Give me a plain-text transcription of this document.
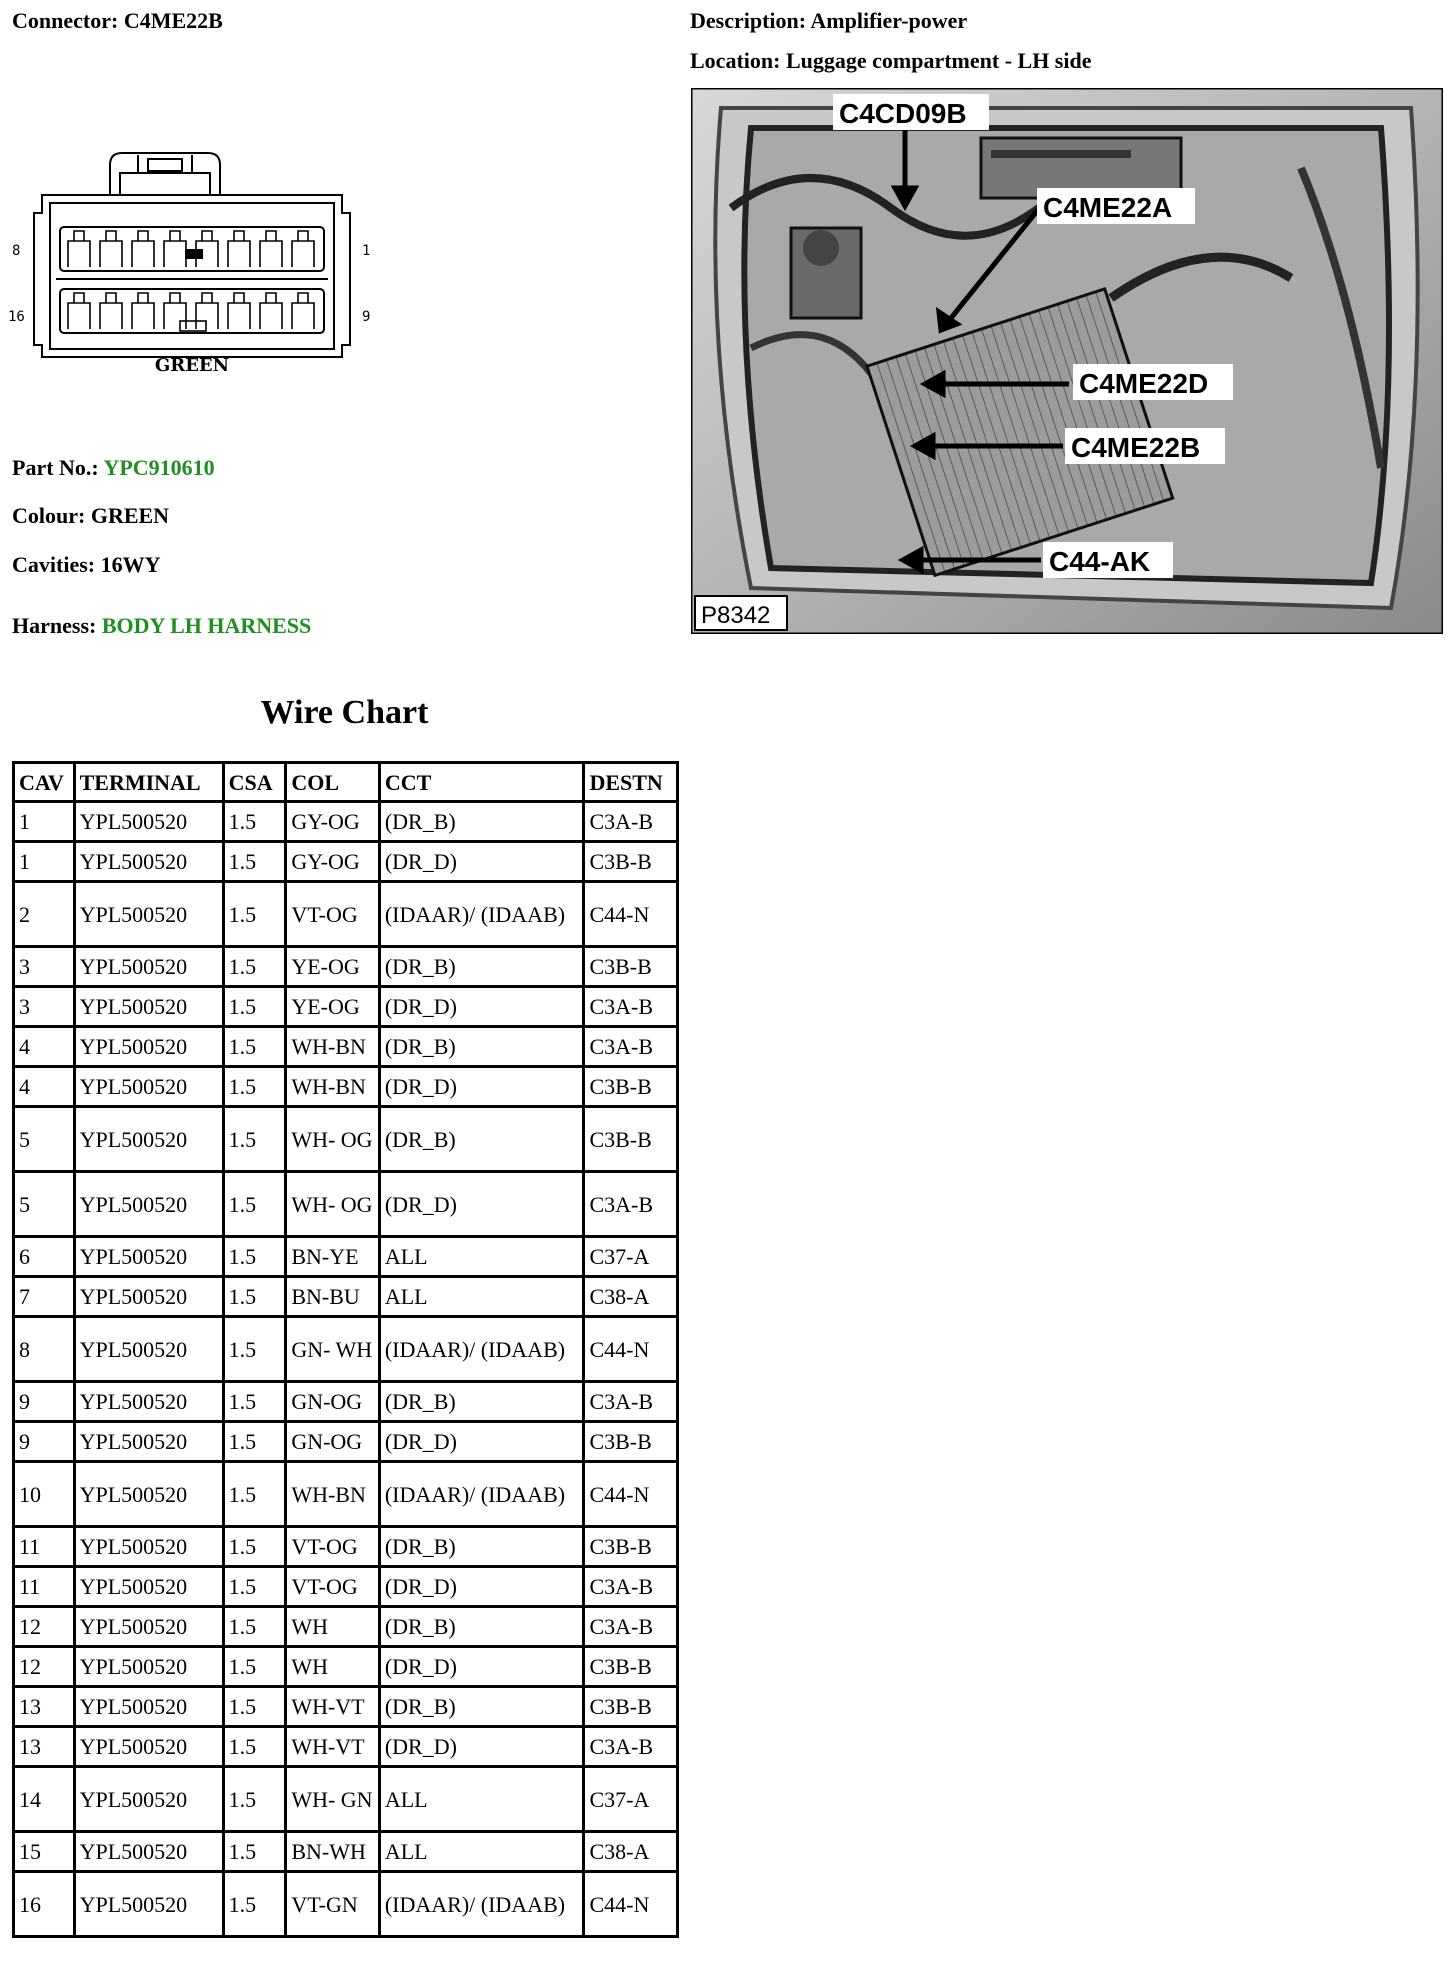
Connector: C4ME22B	Description: Amplifier-power
Location: Luggage compartment - LH side
8	1
16	9
GREEN
C4CD09B
C4ME22A
C4ME22D
C4ME22B
C44-AK
P8342
Part No.: YPC910610
Colour: GREEN
Cavities: 16WY
Harness: BODY LH HARNESS
Wire Chart
CAV	TERMINAL	CSA	COL	CCT	DESTN
1	YPL500520	1.5	GY-OG	(DR_B)	C3A-B
1	YPL500520	1.5	GY-OG	(DR_D)	C3B-B
2	YPL500520	1.5	VT-OG	(IDAAR)/ (IDAAB)	C44-N
3	YPL500520	1.5	YE-OG	(DR_B)	C3B-B
3	YPL500520	1.5	YE-OG	(DR_D)	C3A-B
4	YPL500520	1.5	WH-BN	(DR_B)	C3A-B
4	YPL500520	1.5	WH-BN	(DR_D)	C3B-B
5	YPL500520	1.5	WH- OG	(DR_B)	C3B-B
5	YPL500520	1.5	WH- OG	(DR_D)	C3A-B
6	YPL500520	1.5	BN-YE	ALL	C37-A
7	YPL500520	1.5	BN-BU	ALL	C38-A
8	YPL500520	1.5	GN- WH	(IDAAR)/ (IDAAB)	C44-N
9	YPL500520	1.5	GN-OG	(DR_B)	C3A-B
9	YPL500520	1.5	GN-OG	(DR_D)	C3B-B
10	YPL500520	1.5	WH-BN	(IDAAR)/ (IDAAB)	C44-N
11	YPL500520	1.5	VT-OG	(DR_B)	C3B-B
11	YPL500520	1.5	VT-OG	(DR_D)	C3A-B
12	YPL500520	1.5	WH	(DR_B)	C3A-B
12	YPL500520	1.5	WH	(DR_D)	C3B-B
13	YPL500520	1.5	WH-VT	(DR_B)	C3B-B
13	YPL500520	1.5	WH-VT	(DR_D)	C3A-B
14	YPL500520	1.5	WH- GN	ALL	C37-A
15	YPL500520	1.5	BN-WH	ALL	C38-A
16	YPL500520	1.5	VT-GN	(IDAAR)/ (IDAAB)	C44-N
